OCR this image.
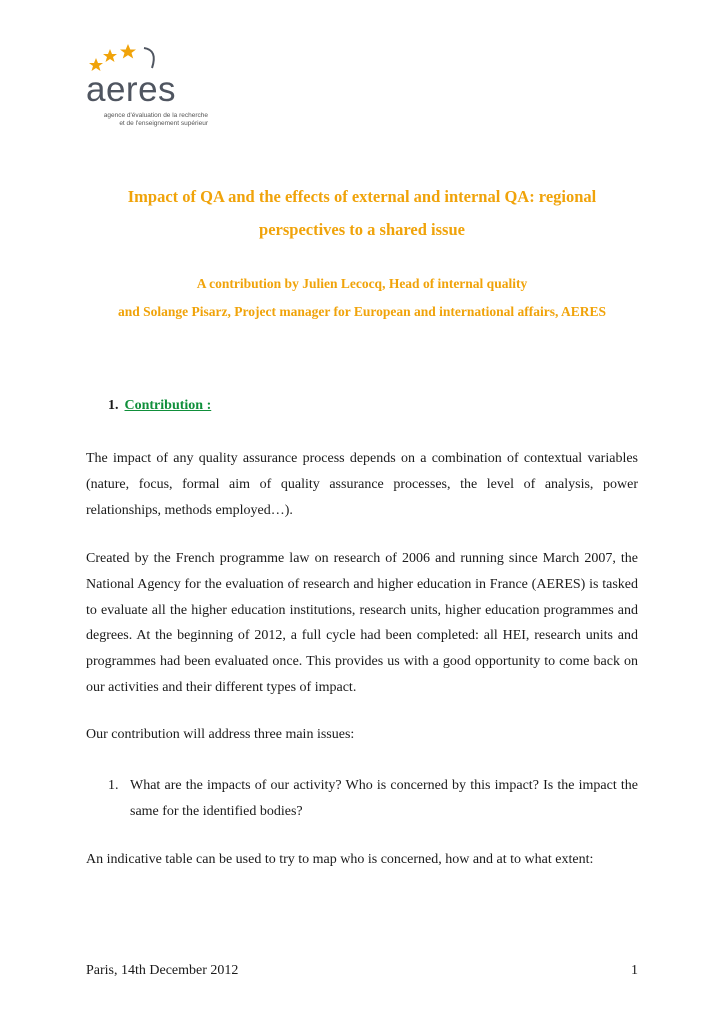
aeres
agence d'évaluation de la recherche
et de l'enseignement supérieur
Impact of QA and the effects of external and internal QA: regional
perspectives to a shared issue
A contribution by Julien Lecocq, Head of internal quality
and Solange Pisarz, Project manager for European and international affairs, AERES
1. Contribution :
The impact of any quality assurance process depends on a combination of contextual variables (nature, focus, formal aim of quality assurance processes, the level of analysis, power relationships, methods employed…).
Created by the French programme law on research of 2006 and running since March 2007, the National Agency for the evaluation of research and higher education in France (AERES) is tasked to evaluate all the higher education institutions, research units, higher education programmes and degrees. At the beginning of 2012, a full cycle had been completed: all HEI, research units and programmes had been evaluated once. This provides us with a good opportunity to come back on our activities and their different types of impact.
Our contribution will address three main issues:
1. What are the impacts of our activity? Who is concerned by this impact? Is the impact the same for the identified bodies?
An indicative table can be used to try to map who is concerned, how and at to what extent:
Paris, 14th December 2012	1
